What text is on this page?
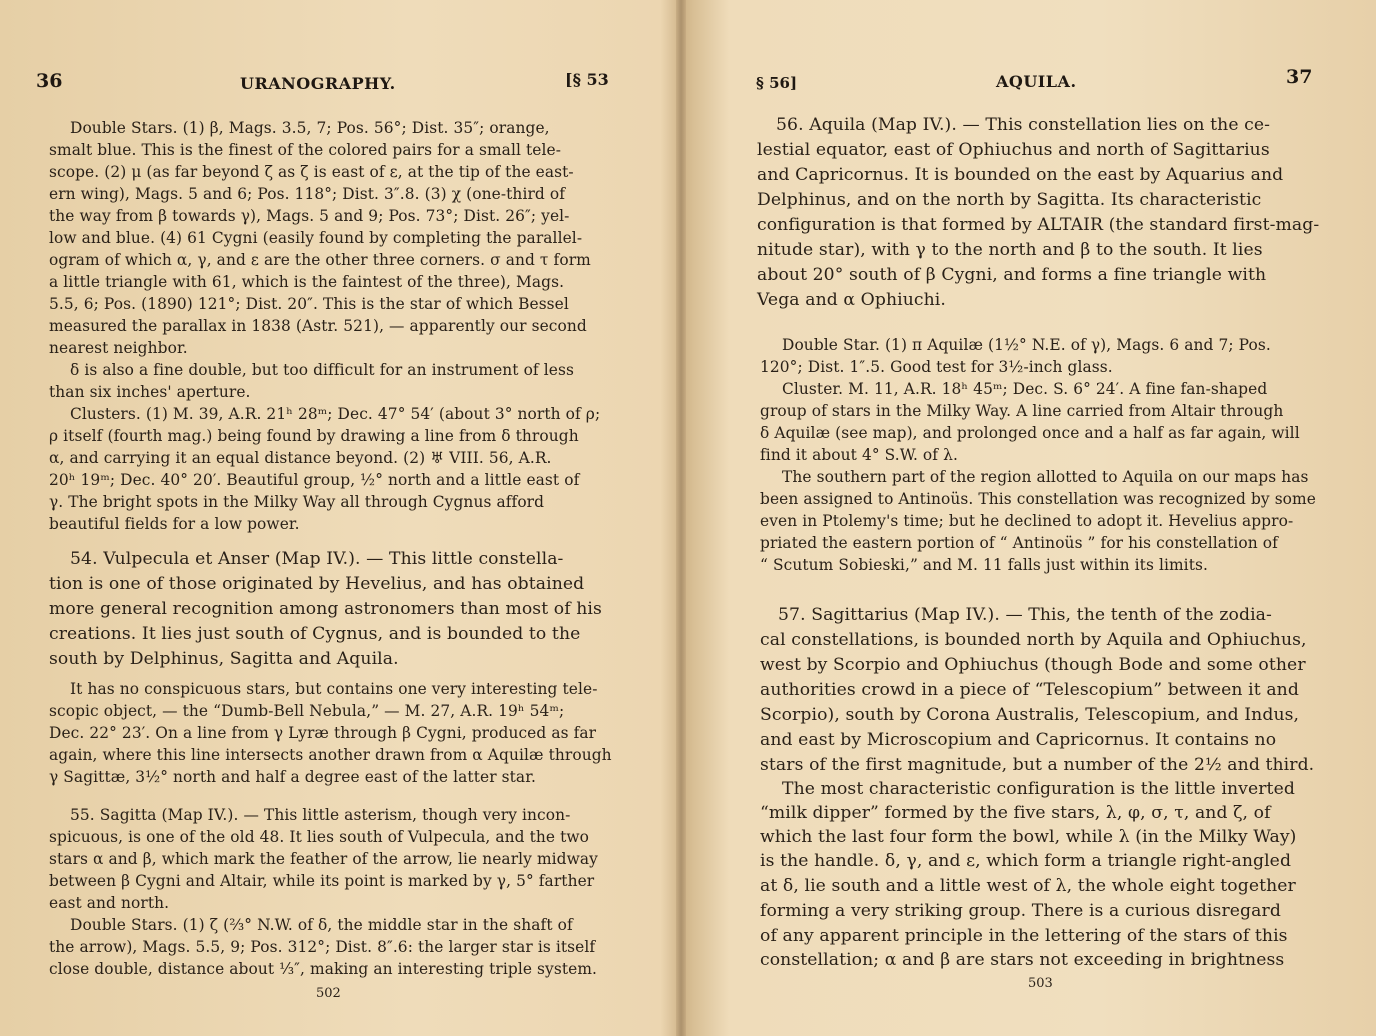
36	URANOGRAPHY.	[§ 53
Double Stars. (1) β, Mags. 3.5, 7; Pos. 56°; Dist. 35″; orange,
smalt blue. This is the finest of the colored pairs for a small tele-
scope. (2) μ (as far beyond ζ as ζ is east of ε, at the tip of the east-
ern wing), Mags. 5 and 6; Pos. 118°; Dist. 3″.8. (3) χ (one-third of
the way from β towards γ), Mags. 5 and 9; Pos. 73°; Dist. 26″; yel-
low and blue. (4) 61 Cygni (easily found by completing the parallel-
ogram of which α, γ, and ε are the other three corners. σ and τ form
a little triangle with 61, which is the faintest of the three), Mags.
5.5, 6; Pos. (1890) 121°; Dist. 20″. This is the star of which Bessel
measured the parallax in 1838 (Astr. 521), — apparently our second
nearest neighbor.
δ is also a fine double, but too difficult for an instrument of less
than six inches' aperture.
Clusters. (1) M. 39, A.R. 21ʰ 28ᵐ; Dec. 47° 54′ (about 3° north of ρ;
ρ itself (fourth mag.) being found by drawing a line from δ through
α, and carrying it an equal distance beyond. (2) ♅ VIII. 56, A.R.
20ʰ 19ᵐ; Dec. 40° 20′. Beautiful group, ½° north and a little east of
γ. The bright spots in the Milky Way all through Cygnus afford
beautiful fields for a low power.
54. Vulpecula et Anser (Map IV.). — This little constella-
tion is one of those originated by Hevelius, and has obtained
more general recognition among astronomers than most of his
creations. It lies just south of Cygnus, and is bounded to the
south by Delphinus, Sagitta and Aquila.
It has no conspicuous stars, but contains one very interesting tele-
scopic object, — the “Dumb-Bell Nebula,” — M. 27, A.R. 19ʰ 54ᵐ;
Dec. 22° 23′. On a line from γ Lyræ through β Cygni, produced as far
again, where this line intersects another drawn from α Aquilæ through
γ Sagittæ, 3½° north and half a degree east of the latter star.
55. Sagitta (Map IV.). — This little asterism, though very incon-
spicuous, is one of the old 48. It lies south of Vulpecula, and the two
stars α and β, which mark the feather of the arrow, lie nearly midway
between β Cygni and Altair, while its point is marked by γ, 5° farther
east and north.
Double Stars. (1) ζ (⅔° N.W. of δ, the middle star in the shaft of
the arrow), Mags. 5.5, 9; Pos. 312°; Dist. 8″.6: the larger star is itself
close double, distance about ⅓″, making an interesting triple system.
502
§ 56]	AQUILA.	37
56. Aquila (Map IV.). — This constellation lies on the ce-
lestial equator, east of Ophiuchus and north of Sagittarius
and Capricornus. It is bounded on the east by Aquarius and
Delphinus, and on the north by Sagitta. Its characteristic
configuration is that formed by ALTAIR (the standard first-mag-
nitude star), with γ to the north and β to the south. It lies
about 20° south of β Cygni, and forms a fine triangle with
Vega and α Ophiuchi.
Double Star. (1) π Aquilæ (1½° N.E. of γ), Mags. 6 and 7; Pos.
120°; Dist. 1″.5. Good test for 3½-inch glass.
Cluster. M. 11, A.R. 18ʰ 45ᵐ; Dec. S. 6° 24′. A fine fan-shaped
group of stars in the Milky Way. A line carried from Altair through
δ Aquilæ (see map), and prolonged once and a half as far again, will
find it about 4° S.W. of λ.
The southern part of the region allotted to Aquila on our maps has
been assigned to Antinoüs. This constellation was recognized by some
even in Ptolemy's time; but he declined to adopt it. Hevelius appro-
priated the eastern portion of “ Antinoüs ” for his constellation of
“ Scutum Sobieski,” and M. 11 falls just within its limits.
57. Sagittarius (Map IV.). — This, the tenth of the zodia-
cal constellations, is bounded north by Aquila and Ophiuchus,
west by Scorpio and Ophiuchus (though Bode and some other
authorities crowd in a piece of “Telescopium” between it and
Scorpio), south by Corona Australis, Telescopium, and Indus,
and east by Microscopium and Capricornus. It contains no
stars of the first magnitude, but a number of the 2½ and third.
The most characteristic configuration is the little inverted
“milk dipper” formed by the five stars, λ, φ, σ, τ, and ζ, of
which the last four form the bowl, while λ (in the Milky Way)
is the handle. δ, γ, and ε, which form a triangle right-angled
at δ, lie south and a little west of λ, the whole eight together
forming a very striking group. There is a curious disregard
of any apparent principle in the lettering of the stars of this
constellation; α and β are stars not exceeding in brightness
503
